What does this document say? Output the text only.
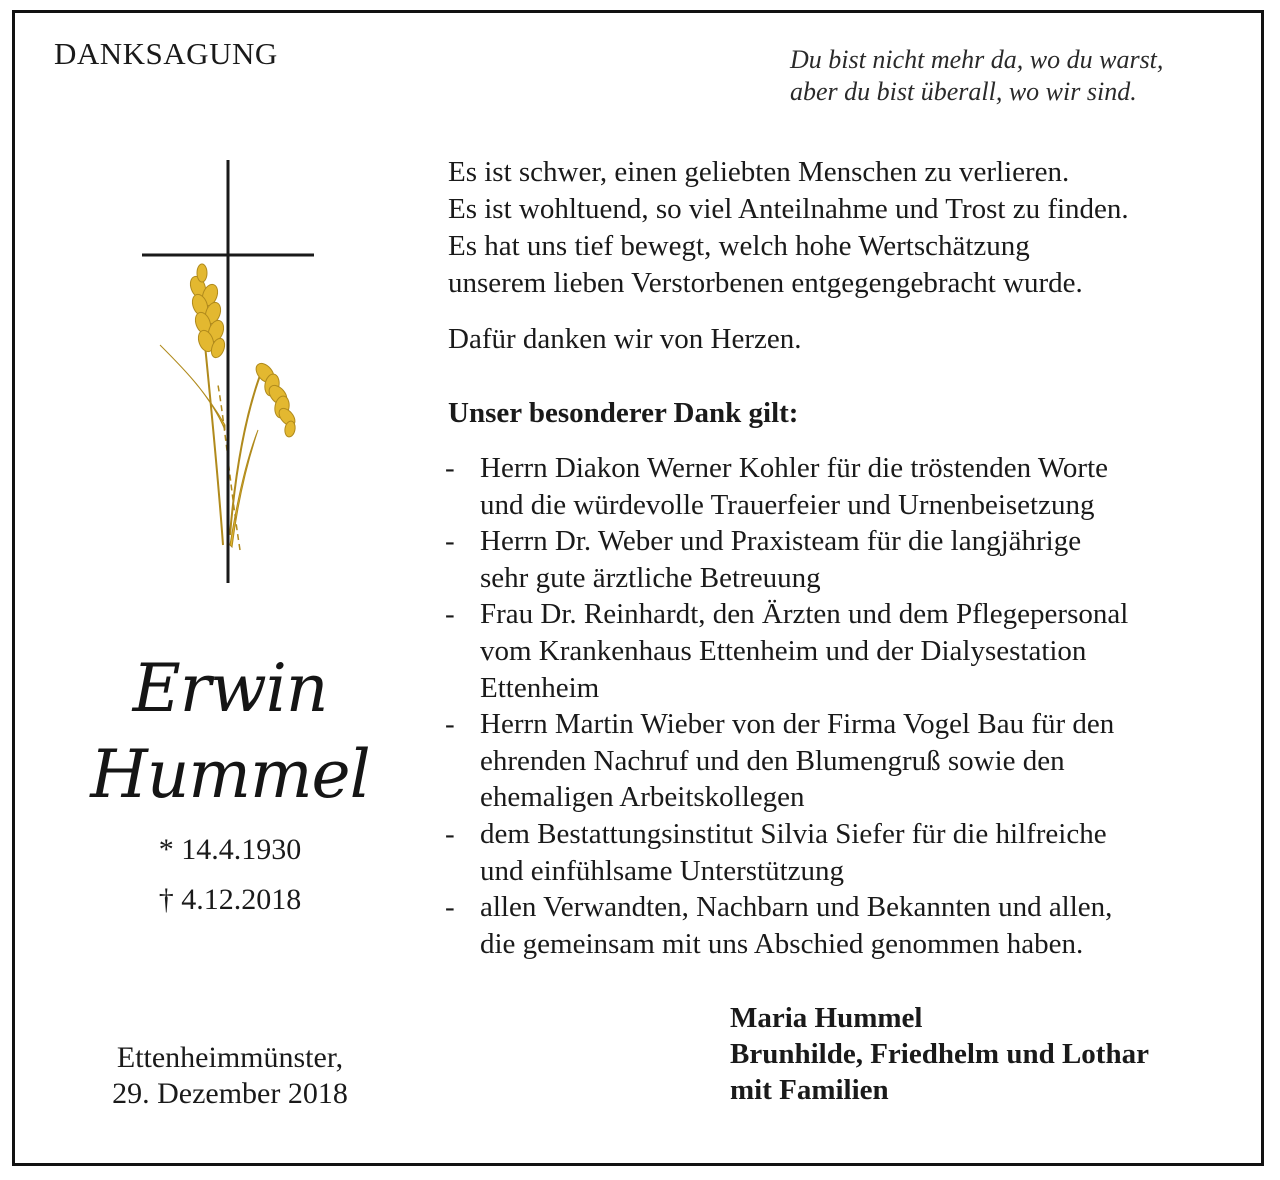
DANKSAGUNG	Du bist nicht mehr da, wo du warst,
aber du bist überall, wo wir sind.
Erwin
Hummel
* 14.4.1930
† 4.12.2018
Ettenheimmünster,
29. Dezember 2018
Es ist schwer, einen geliebten Menschen zu verlieren.
Es ist wohltuend, so viel Anteilnahme und Trost zu finden.
Es hat uns tief bewegt, welch hohe Wertschätzung
unserem lieben Verstorbenen entgegengebracht wurde.
Dafür danken wir von Herzen.
Unser besonderer Dank gilt:
- Herrn Diakon Werner Kohler für die tröstenden Worte
und die würdevolle Trauerfeier und Urnenbeisetzung
- Herrn Dr. Weber und Praxisteam für die langjährige
sehr gute ärztliche Betreuung
- Frau Dr. Reinhardt, den Ärzten und dem Pflegepersonal
vom Krankenhaus Ettenheim und der Dialysestation
Ettenheim
- Herrn Martin Wieber von der Firma Vogel Bau für den
ehrenden Nachruf und den Blumengruß sowie den
ehemaligen Arbeitskollegen
- dem Bestattungsinstitut Silvia Siefer für die hilfreiche
und einfühlsame Unterstützung
- allen Verwandten, Nachbarn und Bekannten und allen,
die gemeinsam mit uns Abschied genommen haben.
Maria Hummel
Brunhilde, Friedhelm und Lothar
mit Familien
